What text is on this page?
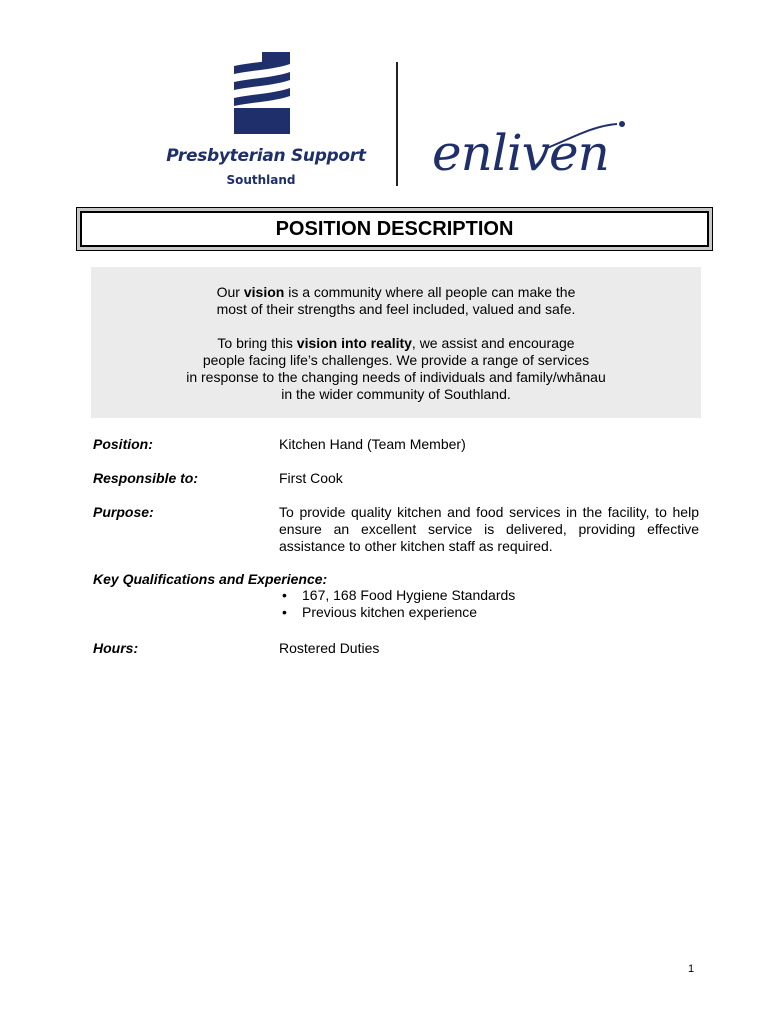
Presbyterian Support
Southland	enliven
POSITION DESCRIPTION

Our vision is a community where all people can make the
most of their strengths and feel included, valued and safe.

To bring this vision into reality, we assist and encourage
people facing life’s challenges. We provide a range of services
in response to the changing needs of individuals and family/whānau
in the wider community of Southland.

Position:	Kitchen Hand (Team Member)
Responsible to:	First Cook
Purpose:	To provide quality kitchen and food services in the facility, to help ensure an excellent service is delivered, providing effective assistance to other kitchen staff as required.
Key Qualifications and Experience:
• 167, 168 Food Hygiene Standards
• Previous kitchen experience
Hours:	Rostered Duties
1
